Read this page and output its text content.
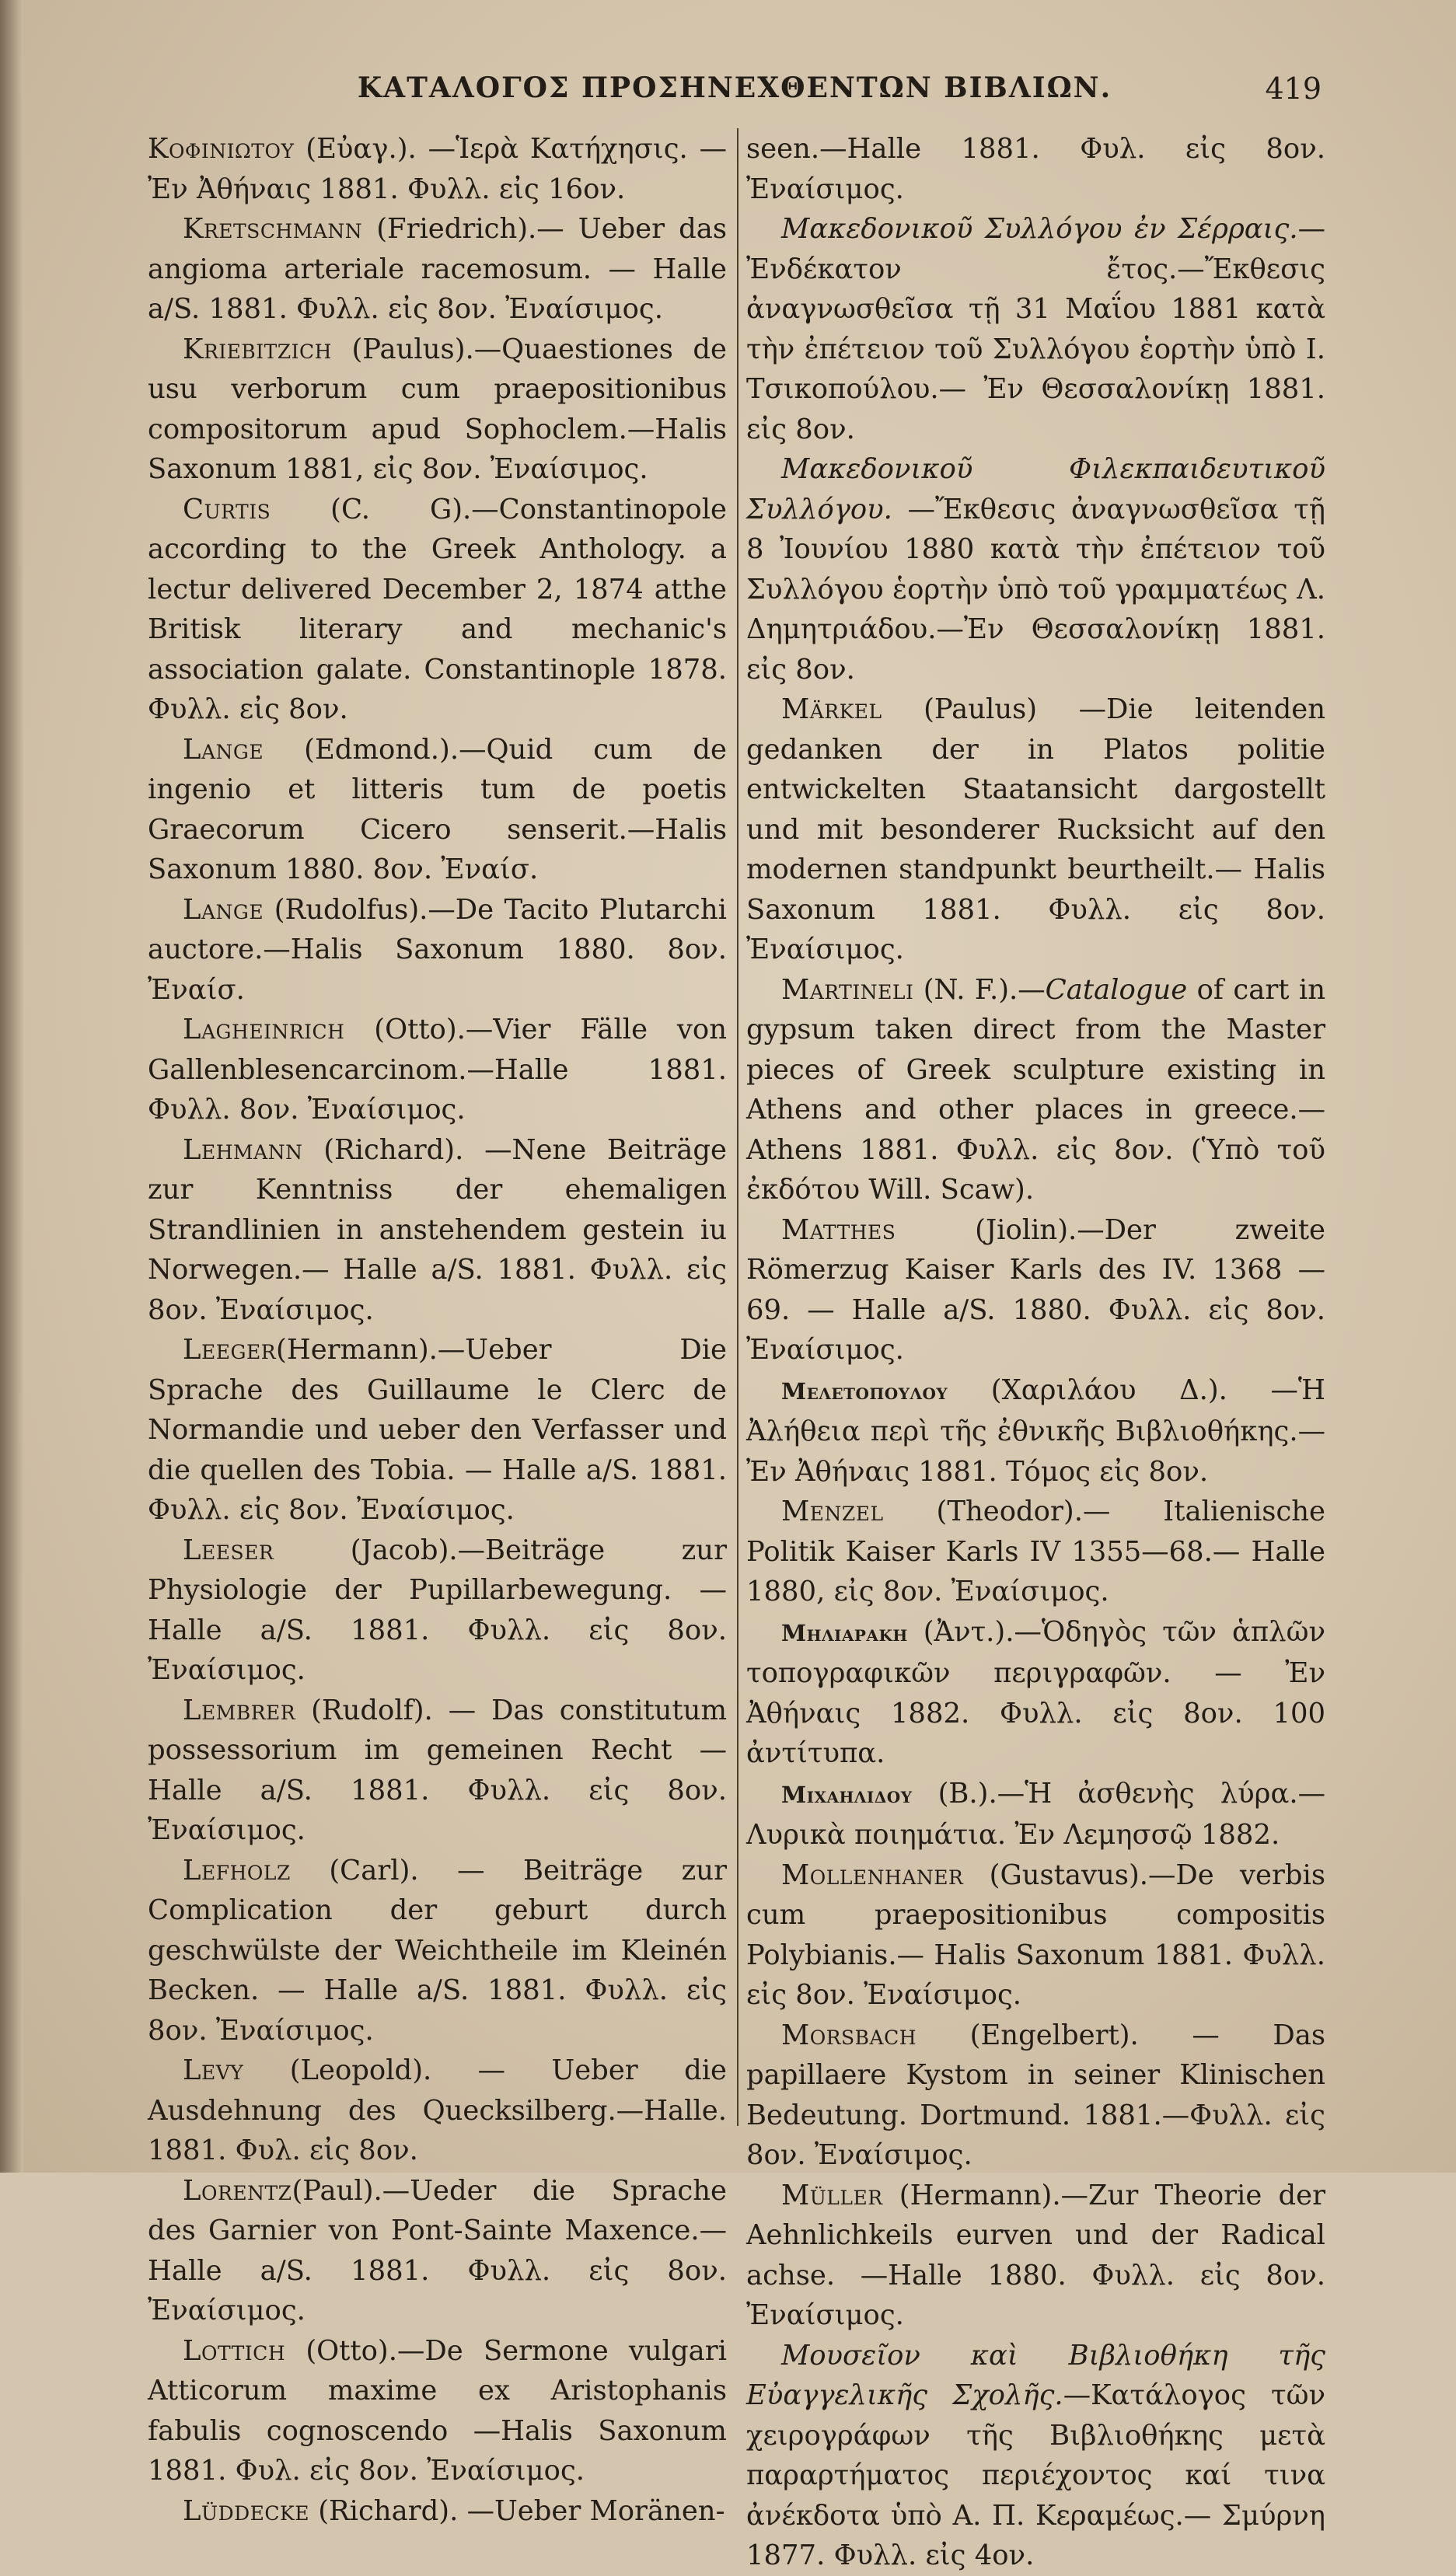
ΚΑΤΑΛΟΓΟΣ ΠΡΟΣΗΝΕΧΘΕΝΤΩΝ ΒΙΒΛΙΩΝ.	419

Κοφινιωτου (Εὐαγ.). —Ἱερὰ Κατήχησις. —Ἐν Ἀθήναις 1881. Φυλλ. εἰς 16ον.

Kretschmann (Friedrich).— Ueber das angioma arteriale racemosum. — Halle a/S. 1881. Φυλλ. εἰς 8ον. Ἐναίσιμος.

Kriebitzich (Paulus).—Quaestiones de usu verborum cum praepositionibus compositorum apud Sophoclem.—Halis Saxonum 1881, εἰς 8ον. Ἐναίσιμος.

Curtis (C. G).—Constantinopole according to the Greek Anthology. a lectur delivered December 2, 1874 atthe Britisk literary and mechanic's association galate. Constantinople 1878. Φυλλ. εἰς 8ον.

Lange (Edmond.).—Quid cum de ingenio et litteris tum de poetis Graecorum Cicero senserit.—Halis Saxonum 1880. 8ον. Ἐναίσ.

Lange (Rudolfus).—De Tacito Plutarchi auctore.—Halis Saxonum 1880. 8ον. Ἐναίσ.

Lagheinrich (Otto).—Vier Fälle von Gallenblesencarcinom.—Halle 1881. Φυλλ. 8ον. Ἐναίσιμος.

Lehmann (Richard). —Nene Beiträge zur Kenntniss der ehemaligen Strandlinien in anstehendem gestein iu Norwegen.— Halle a/S. 1881. Φυλλ. εἰς 8ον. Ἐναίσιμος.

Leeger(Hermann).—Ueber Die Sprache des Guillaume le Clerc de Normandie und ueber den Verfasser und die quellen des Tobia. — Halle a/S. 1881. Φυλλ. εἰς 8ον. Ἐναίσιμος.

Leeser (Jacob).—Beiträge zur Physiologie der Pupillarbewegung. — Halle a/S. 1881. Φυλλ. εἰς 8ον. Ἐναίσιμος.

Lembrer (Rudolf). — Das constitutum possessorium im gemeinen Recht — Halle a/S. 1881. Φυλλ. εἰς 8ον. Ἐναίσιμος.

Lefholz (Carl). — Beiträge zur Complication der geburt durch geschwülste der Weichtheile im Kleinén Becken. — Halle a/S. 1881. Φυλλ. εἰς 8ον. Ἐναίσιμος.

Levy (Leopold). — Ueber die Ausdehnung des Quecksilberg.—Halle. 1881. Φυλ. εἰς 8ον.

Lorentz(Paul).—Ueder die Sprache des Garnier von Pont-Sainte Maxence.—Halle a/S. 1881. Φυλλ. εἰς 8ον. Ἐναίσιμος.

Lottich (Otto).—De Sermone vulgari Atticorum maxime ex Aristophanis fabulis cognoscendo —Halis Saxonum 1881. Φυλ. εἰς 8ον. Ἐναίσιμος.

Lüddecke (Richard). —Ueber Moränen-

seen.—Halle 1881. Φυλ. εἰς 8ον. Ἐναίσιμος.

Μακεδονικοῦ Συλλόγου ἐν Σέρραις.—Ἐνδέκατον ἔτος.—Ἔκθεσις ἀναγνωσθεῖσα τῇ 31 Μαΐου 1881 κατὰ τὴν ἐπέτειον τοῦ Συλλόγου ἑορτὴν ὑπὸ Ι. Τσικοπούλου.— Ἐν Θεσσαλονίκῃ 1881. εἰς 8ον.

Μακεδονικοῦ Φιλεκπαιδευτικοῦ Συλλόγου. —Ἔκθεσις ἀναγνωσθεῖσα τῇ 8 Ἰουνίου 1880 κατὰ τὴν ἐπέτειον τοῦ Συλλόγου ἑορτὴν ὑπὸ τοῦ γραμματέως Λ. Δημητριάδου.—Ἐν Θεσσαλονίκῃ 1881. εἰς 8ον.

Märkel (Paulus) —Die leitenden gedanken der in Platos politie entwickelten Staatansicht dargostellt und mit besonderer Rucksicht auf den modernen standpunkt beurtheilt.— Halis Saxonum 1881. Φυλλ. εἰς 8ον. Ἐναίσιμος.

Martineli (N. F.).—Catalogue of cart in gypsum taken direct from the Master pieces of Greek sculpture existing in Athens and other places in greece.— Athens 1881. Φυλλ. εἰς 8ον. (Ὑπὸ τοῦ ἐκδότου Will. Scaw).

Matthes (Jiolin).—Der zweite Römerzug Kaiser Karls des IV. 1368 — 69. — Halle a/S. 1880. Φυλλ. εἰς 8ον. Ἐναίσιμος.

Μελετοπουλου (Χαριλάου Δ.). —Ἡ Ἀλήθεια περὶ τῆς ἐθνικῆς Βιβλιοθήκης.—Ἐν Ἀθήναις 1881. Τόμος εἰς 8ον.

Menzel (Theodor).— Italienische Politik Kaiser Karls IV 1355—68.— Halle 1880, εἰς 8ον. Ἐναίσιμος.

Μηλιαρακη (Ἀντ.).—Ὁδηγὸς τῶν ἁπλῶν τοπογραφικῶν περιγραφῶν. — Ἐν Ἀθήναις 1882. Φυλλ. εἰς 8ον. 100 ἀντίτυπα.

Μιχαηλιδου (Β.).—Ἡ ἀσθενὴς λύρα.—Λυρικὰ ποιημάτια. Ἐν Λεμησσῷ 1882.

Mollenhaner (Gustavus).—De verbis cum praepositionibus compositis Polybianis.— Halis Saxonum 1881. Φυλλ. εἰς 8ον. Ἐναίσιμος.

Morsbach (Engelbert). — Das papillaere Kystom in seiner Klinischen Bedeutung. Dortmund. 1881.—Φυλλ. εἰς 8ον. Ἐναίσιμος.

Müller (Hermann).—Zur Theorie der Aehnlichkeils eurven und der Radical achse. —Halle 1880. Φυλλ. εἰς 8ον. Ἐναίσιμος.

Μουσεῖον καὶ Βιβλιοθήκη τῆς Εὐαγγελικῆς Σχολῆς.—Κατάλογος τῶν χειρογράφων τῆς Βιβλιοθήκης μετὰ παραρτήματος περιέχοντος καί τινα ἀνέκδοτα ὑπὸ Α. Π. Κεραμέως.— Σμύρνη 1877. Φυλλ. εἰς 4ον.
